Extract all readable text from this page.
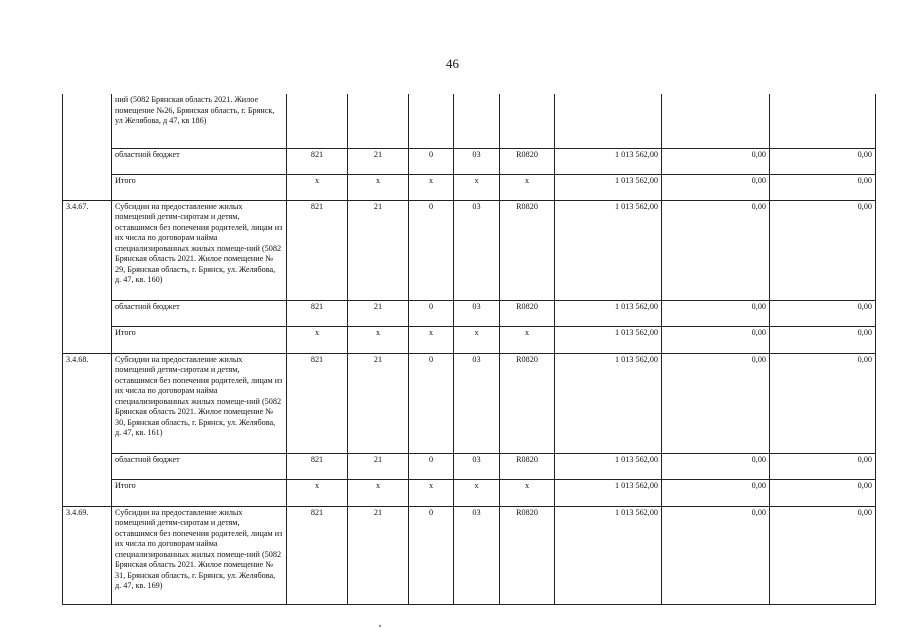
46
	ний (5082 Брянская область 2021. Жилое помещение №26, Брянская область, г. Брянск, ул Желябова, д 47, кв 186)								
	областной бюджет	821	21	0	03	R0820	1 013 562,00	0,00	0,00
	Итого	x	x	x	x	x	1 013 562,00	0,00	0,00
3.4.67.	Субсидии на предоставление жилых помещений детям-сиротам и детям, оставшимся без попечения родителей, лицам из их числа по договорам найма специализированных жилых помеще-ний (5082 Брянская область 2021. Жилое помещение № 29, Брянская область, г. Брянск, ул. Желябова, д. 47, кв. 160)	821	21	0	03	R0820	1 013 562,00	0,00	0,00
	областной бюджет	821	21	0	03	R0820	1 013 562,00	0,00	0,00
	Итого	x	x	x	x	x	1 013 562,00	0,00	0,00
3.4.68.	Субсидии на предоставление жилых помещений детям-сиротам и детям, оставшимся без попечения родителей, лицам из их числа по договорам найма специализированных жилых помеще-ний (5082 Брянская область 2021. Жилое помещение № 30, Брянская область, г. Брянск, ул. Желябова, д. 47, кв. 161)	821	21	0	03	R0820	1 013 562,00	0,00	0,00
	областной бюджет	821	21	0	03	R0820	1 013 562,00	0,00	0,00
	Итого	x	x	x	x	x	1 013 562,00	0,00	0,00
3.4.69.	Субсидии на предоставление жилых помещений детям-сиротам и детям, оставшимся без попечения родителей, лицам из их числа по договорам найма специализированных жилых помеще-ний (5082 Брянская область 2021. Жилое помещение № 31, Брянская область, г. Брянск, ул. Желябова, д. 47, кв. 169)	821	21	0	03	R0820	1 013 562,00	0,00	0,00
